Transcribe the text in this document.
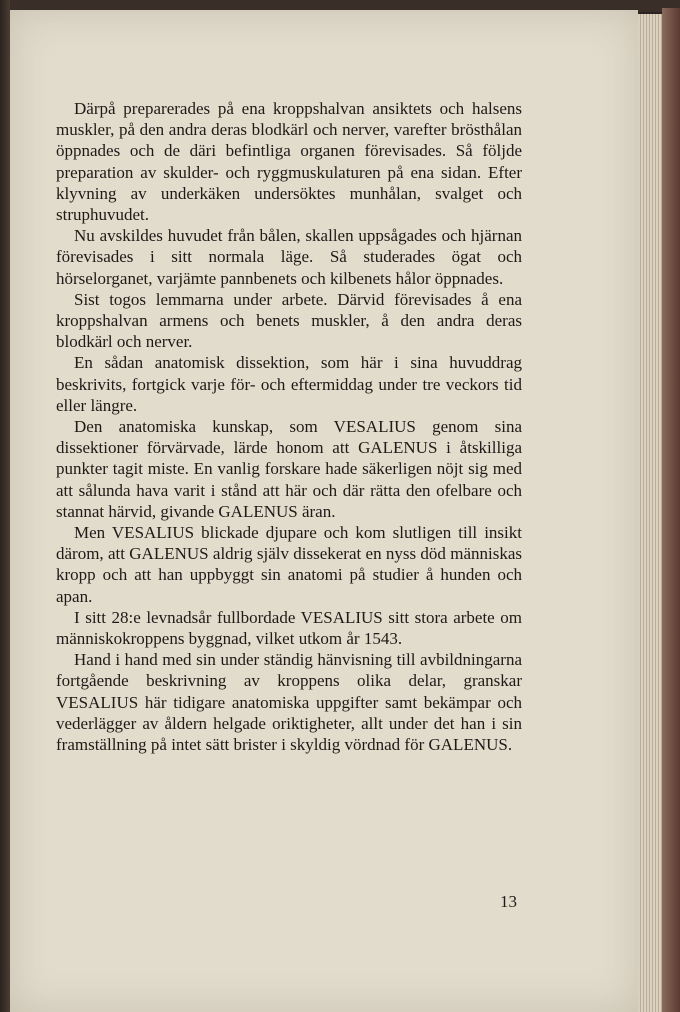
Därpå preparerades på ena kroppshalvan ansiktets och halsens muskler, på den andra deras blodkärl och nerver, varefter brösthålan öppnades och de däri befintliga organen förevisades. Så följde preparation av skulder- och ryggmuskulaturen på ena sidan. Efter klyvning av underkäken undersöktes munhålan, svalget och struphuvudet.

Nu avskildes huvudet från bålen, skallen uppsågades och hjärnan förevisades i sitt normala läge. Så studerades ögat och hörselorganet, varjämte pannbenets och kilbenets hålor öppnades.

Sist togos lemmarna under arbete. Därvid förevisades å ena kroppshalvan armens och benets muskler, å den andra deras blodkärl och nerver.

En sådan anatomisk dissektion, som här i sina huvuddrag beskrivits, fortgick varje för- och eftermiddag under tre veckors tid eller längre.

Den anatomiska kunskap, som VESALIUS genom sina dissektioner förvärvade, lärde honom att GALENUS i åtskilliga punkter tagit miste. En vanlig forskare hade säkerligen nöjt sig med att sålunda hava varit i stånd att här och där rätta den ofelbare och stannat härvid, givande GALENUS äran.

Men VESALIUS blickade djupare och kom slutligen till insikt därom, att GALENUS aldrig själv dissekerat en nyss död människas kropp och att han uppbyggt sin anatomi på studier å hunden och apan.

I sitt 28:e levnadsår fullbordade VESALIUS sitt stora arbete om människokroppens byggnad, vilket utkom år 1543.

Hand i hand med sin under ständig hänvisning till avbildningarna fortgående beskrivning av kroppens olika delar, granskar VESALIUS här tidigare anatomiska uppgifter samt bekämpar och vederlägger av åldern helgade oriktigheter, allt under det han i sin framställning på intet sätt brister i skyldig vördnad för GALENUS.

13
